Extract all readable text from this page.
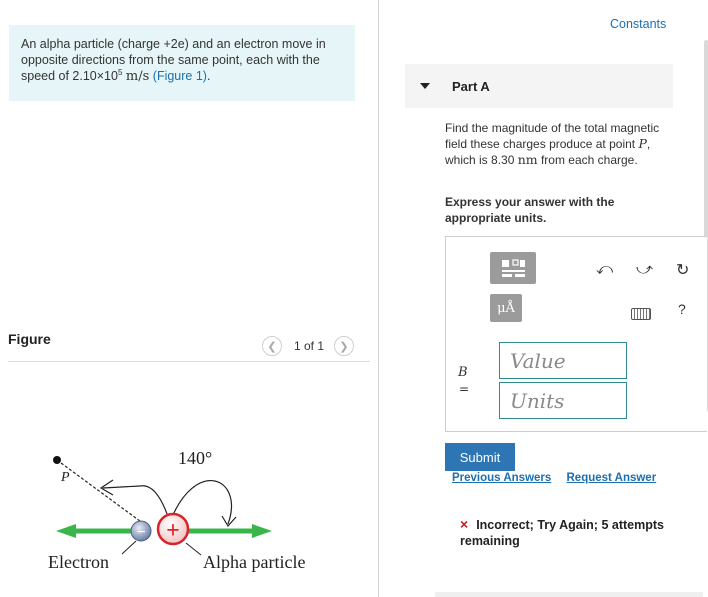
An alpha particle (charge +2e) and an electron move in opposite directions from the same point, each with the speed of $2.10\times 10^5$ m/s (Figure 1).
Figure	❮ 1 of 1 ❯
P
140°
− +
Electron	Alpha particle
Constants
Part A
Find the magnitude of the total magnetic field these charges produce at point P, which is 8.30 nm from each charge.
Express your answer with the appropriate units.
μÅ
⤺ ⤻ ↻
?
B
=
Value
Units
Submit
Previous Answers Request Answer
× Incorrect; Try Again; 5 attempts remaining
